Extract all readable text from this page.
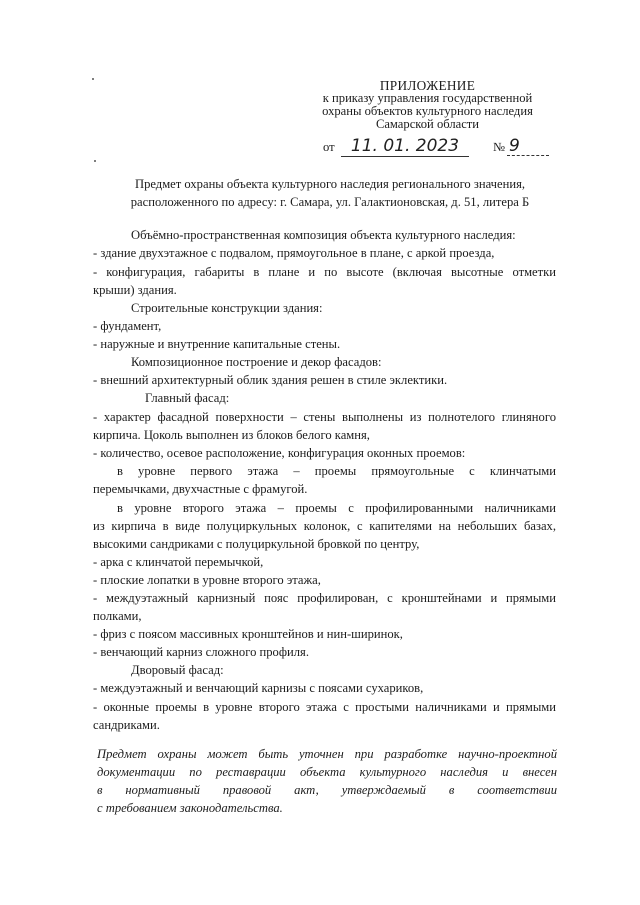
ПРИЛОЖЕНИЕ
к приказу управления государственной
охраны объектов культурного наследия
Самарской области
от 11. 01. 2023	№ 9
Предмет охраны объекта культурного наследия регионального значения,
расположенного по адресу: г. Самара, ул. Галактионовская, д. 51, литера Б
Объёмно-пространственная композиция объекта культурного наследия:
- здание двухэтажное с подвалом, прямоугольное в плане, с аркой проезда,
- конфигурация, габариты в плане и по высоте (включая высотные отметки
крыши) здания.
Строительные конструкции здания:
- фундамент,
- наружные и внутренние капитальные стены.
Композиционное построение и декор фасадов:
- внешний архитектурный облик здания решен в стиле эклектики.
Главный фасад:
- характер фасадной поверхности – стены выполнены из полнотелого глиняного
кирпича. Цоколь выполнен из блоков белого камня,
- количество, осевое расположение, конфигурация оконных проемов:
в уровне первого этажа – проемы прямоугольные с клинчатыми
перемычками, двухчастные с фрамугой.
в уровне второго этажа – проемы с профилированными наличниками
из кирпича в виде полуциркульных колонок, с капителями на небольших базах,
высокими сандриками с полуциркульной бровкой по центру,
- арка с клинчатой перемычкой,
- плоские лопатки в уровне второго этажа,
- междуэтажный карнизный пояс профилирован, с кронштейнами и прямыми
полками,
- фриз с поясом массивных кронштейнов и нин-ширинок,
- венчающий карниз сложного профиля.
Дворовый фасад:
- междуэтажный и венчающий карнизы с поясами сухариков,
- оконные проемы в уровне второго этажа с простыми наличниками и прямыми
сандриками.
Предмет охраны может быть уточнен при разработке научно-проектной
документации по реставрации объекта культурного наследия и внесен
в нормативный правовой акт, утверждаемый в соответствии
с требованием законодательства.
